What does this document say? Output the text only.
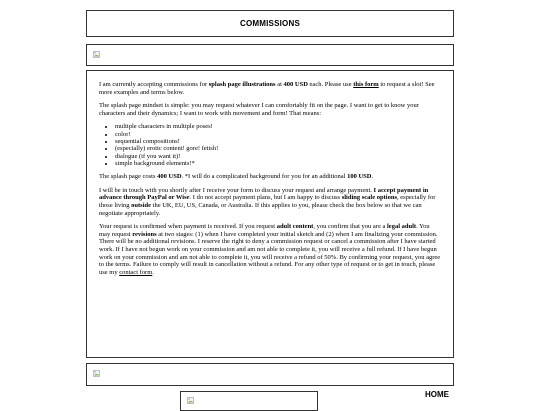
COMMISSIONS

I am currently accepting commissions for splash page illustrations at 400 USD each. Please use this form to request a slot! See more examples and terms below.

The splash page mindset is simple: you may request whatever I can comfortably fit on the page. I want to get to know your characters and their dynamics; I want to work with movement and form! That means:

• multiple characters in multiple poses!
• color!
• sequential compositions!
• (especially) erotic content! gore! fetish!
• dialogue (if you want it)!
• simple background elements!*

The splash page costs 400 USD. *I will do a complicated background for you for an additional 100 USD.

I will be in touch with you shortly after I receive your form to discuss your request and arrange payment. I accept payment in advance through PayPal or Wise. I do not accept payment plans, but I am happy to discuss sliding scale options, especially for those living outside the UK, EU, US, Canada, or Australia. If this applies to you, please check the box below so that we can negotiate appropriately.

Your request is confirmed when payment is received. If you request adult content, you confirm that you are a legal adult. You may request revisions at two stages: (1) when I have completed your initial sketch and (2) when I am finalizing your commission. There will be no additional revisions. I reserve the right to deny a commission request or cancel a commission after I have started work. If I have not begun work on your commission and am not able to complete it, you will receive a full refund. If I have begun work on your commission and am not able to complete it, you will receive a refund of 50%. By confirming your request, you agree to the terms. Failure to comply will result in cancellation without a refund. For any other type of request or to get in touch, please use my contact form.

HOME
